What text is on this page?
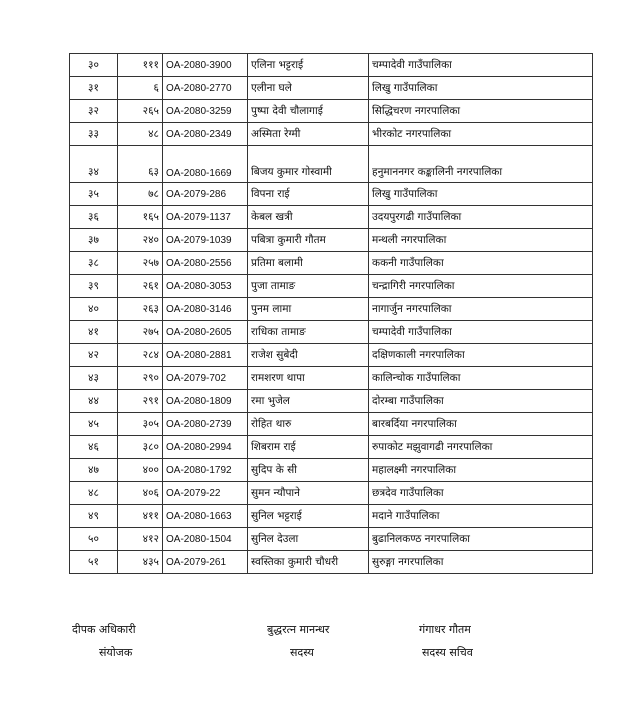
३०	१११	OA-2080-3900	एलिना भट्टराई	चम्पादेवी गाउँपालिका
३१	६	OA-2080-2770	एलीना घले	लिखु गाउँपालिका
३२	२६५	OA-2080-3259	पुष्पा देवी चौलागाई	सिद्धिचरण नगरपालिका
३३	४८	OA-2080-2349	अस्मिता रेग्मी	भीरकोट नगरपालिका
३४	६३	OA-2080-1669	बिजय कुमार गोस्वामी	हनुमाननगर कङ्कालिनी नगरपालिका
३५	७८	OA-2079-286	विपना राई	लिखु गाउँपालिका
३६	१६५	OA-2079-1137	केबल खत्री	उदयपुरगढी गाउँपालिका
३७	२४०	OA-2079-1039	पबित्रा कुमारी गौतम	मन्थली नगरपालिका
३८	२५७	OA-2080-2556	प्रतिमा बलामी	ककनी गाउँपालिका
३९	२६१	OA-2080-3053	पुजा तामाङ	चन्द्रागिरी नगरपालिका
४०	२६३	OA-2080-3146	पुनम लामा	नागार्जुन नगरपालिका
४१	२७५	OA-2080-2605	राधिका तामाङ	चम्पादेवी गाउँपालिका
४२	२८४	OA-2080-2881	राजेश सुबेदी	दक्षिणकाली नगरपालिका
४३	२९०	OA-2079-702	रामशरण थापा	कालिन्चोक गाउँपालिका
४४	२९१	OA-2080-1809	रमा भुजेल	दोरम्बा गाउँपालिका
४५	३०५	OA-2080-2739	रोहित थारु	बारबर्दिया नगरपालिका
४६	३८०	OA-2080-2994	शिबराम राई	रुपाकोट मझुवागढी नगरपालिका
४७	४००	OA-2080-1792	सुदिप के सी	महालक्ष्मी नगरपालिका
४८	४०६	OA-2079-22	सुमन न्यौपाने	छत्रदेव गाउँपालिका
४९	४११	OA-2080-1663	सुनिल भट्टराई	मदाने गाउँपालिका
५०	४१२	OA-2080-1504	सुनिल देउला	बुढानिलकण्ठ नगरपालिका
५१	४३५	OA-2079-261	स्वस्तिका कुमारी चौधरी	सुरुङ्गा नगरपालिका
दीपक अधिकारी
संयोजक
बुद्धरत्न मानन्धर
सदस्य
गंगाधर गौतम
सदस्य सचिव
